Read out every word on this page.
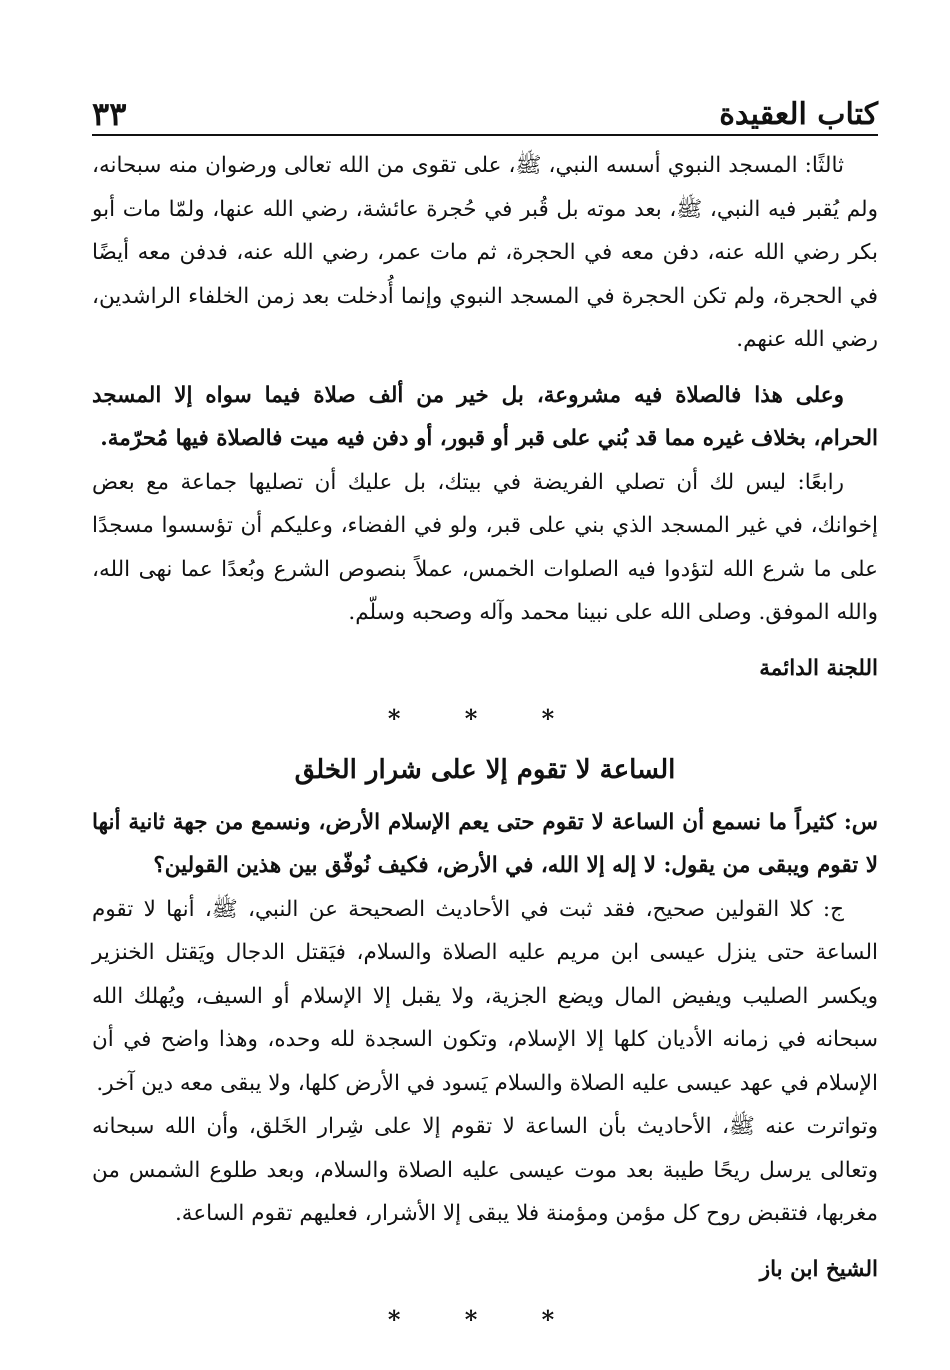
كتاب العقيدة
٣٣

ثالثًا: المسجد النبوي أسسه النبي، ﷺ، على تقوى من الله تعالى ورضوان منه سبحانه، ولم يُقبر فيه النبي، ﷺ، بعد موته بل قُبر في حُجرة عائشة، رضي الله عنها، ولمّا مات أبو بكر رضي الله عنه، دفن معه في الحجرة، ثم مات عمر، رضي الله عنه، فدفن معه أيضًا في الحجرة، ولم تكن الحجرة في المسجد النبوي وإنما أُدخلت بعد زمن الخلفاء الراشدين، رضي الله عنهم.

وعلى هذا فالصلاة فيه مشروعة، بل خير من ألف صلاة فيما سواه إلا المسجد الحرام، بخلاف غيره مما قد بُني على قبر أو قبور، أو دفن فيه ميت فالصلاة فيها مُحرّمة.

رابعًا: ليس لك أن تصلي الفريضة في بيتك، بل عليك أن تصليها جماعة مع بعض إخوانك، في غير المسجد الذي بني على قبر، ولو في الفضاء، وعليكم أن تؤسسوا مسجدًا على ما شرع الله لتؤدوا فيه الصلوات الخمس، عملاً بنصوص الشرع وبُعدًا عما نهى الله، والله الموفق. وصلى الله على نبينا محمد وآله وصحبه وسلّم.

اللجنة الدائمة

* * *

الساعة لا تقوم إلا على شرار الخلق

س: كثيراً ما نسمع أن الساعة لا تقوم حتى يعم الإسلام الأرض، ونسمع من جهة ثانية أنها لا تقوم ويبقى من يقول: لا إله إلا الله، في الأرض، فكيف نُوفّق بين هذين القولين؟

ج: كلا القولين صحيح، فقد ثبت في الأحاديث الصحيحة عن النبي، ﷺ، أنها لا تقوم الساعة حتى ينزل عيسى ابن مريم عليه الصلاة والسلام، فيَقتل الدجال ويَقتل الخنزير ويكسر الصليب ويفيض المال ويضع الجزية، ولا يقبل إلا الإسلام أو السيف، ويُهلك الله سبحانه في زمانه الأديان كلها إلا الإسلام، وتكون السجدة لله وحده، وهذا واضح في أن الإسلام في عهد عيسى عليه الصلاة والسلام يَسود في الأرض كلها، ولا يبقى معه دين آخر.

وتواترت عنه ﷺ، الأحاديث بأن الساعة لا تقوم إلا على شِرار الخَلق، وأن الله سبحانه وتعالى يرسل ريحًا طيبة بعد موت عيسى عليه الصلاة والسلام، وبعد طلوع الشمس من مغربها، فتقبض روح كل مؤمن ومؤمنة فلا يبقى إلا الأشرار، فعليهم تقوم الساعة.

الشيخ ابن باز

* * *
